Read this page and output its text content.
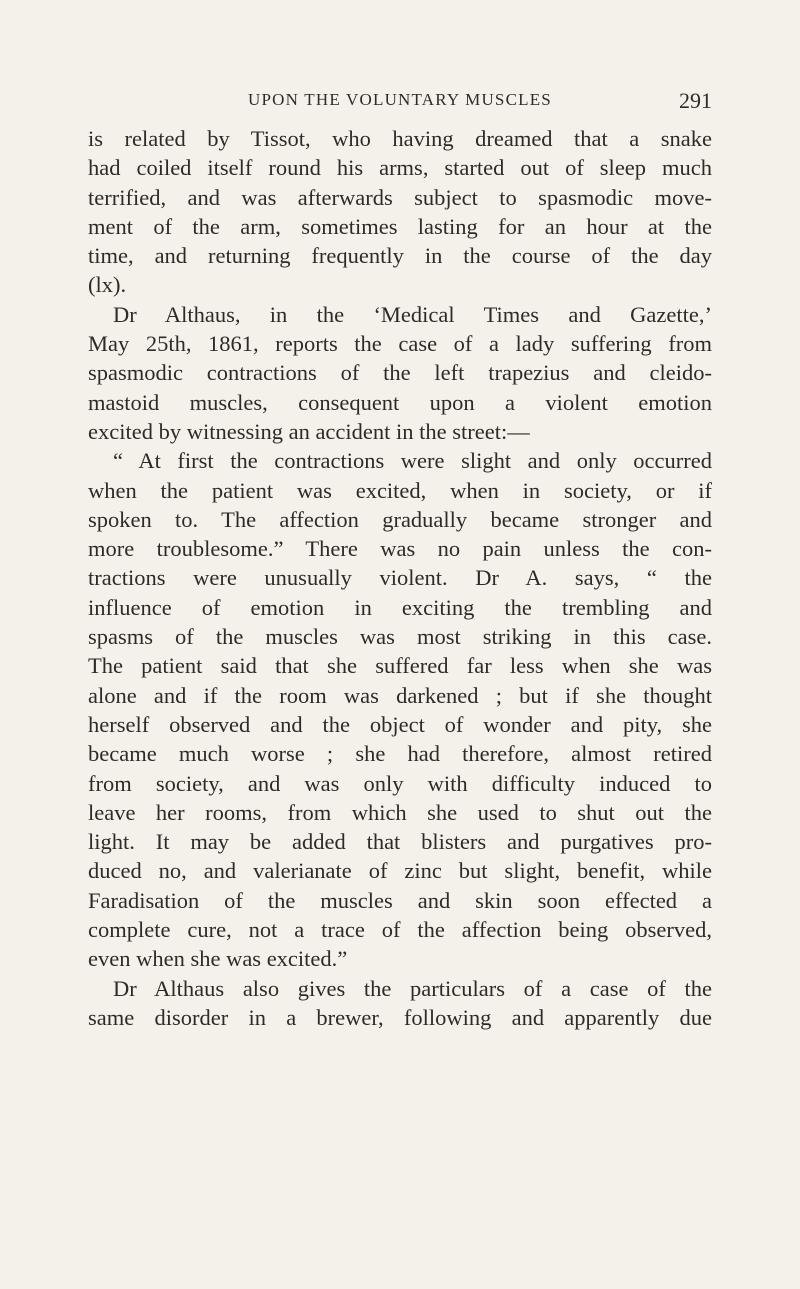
UPON THE VOLUNTARY MUSCLES	291
is related by Tissot, who having dreamed that a snake
had coiled itself round his arms, started out of sleep much
terrified, and was afterwards subject to spasmodic move-
ment of the arm, sometimes lasting for an hour at the
time, and returning frequently in the course of the day
(lx).
Dr Althaus, in the ‘Medical Times and Gazette,’
May 25th, 1861, reports the case of a lady suffering from
spasmodic contractions of the left trapezius and cleido-
mastoid muscles, consequent upon a violent emotion
excited by witnessing an accident in the street:—
“ At first the contractions were slight and only occurred
when the patient was excited, when in society, or if
spoken to. The affection gradually became stronger and
more troublesome.” There was no pain unless the con-
tractions were unusually violent. Dr A. says, “ the
influence of emotion in exciting the trembling and
spasms of the muscles was most striking in this case.
The patient said that she suffered far less when she was
alone and if the room was darkened ; but if she thought
herself observed and the object of wonder and pity, she
became much worse ; she had therefore, almost retired
from society, and was only with difficulty induced to
leave her rooms, from which she used to shut out the
light. It may be added that blisters and purgatives pro-
duced no, and valerianate of zinc but slight, benefit, while
Faradisation of the muscles and skin soon effected a
complete cure, not a trace of the affection being observed,
even when she was excited.”
Dr Althaus also gives the particulars of a case of the
same disorder in a brewer, following and apparently due
